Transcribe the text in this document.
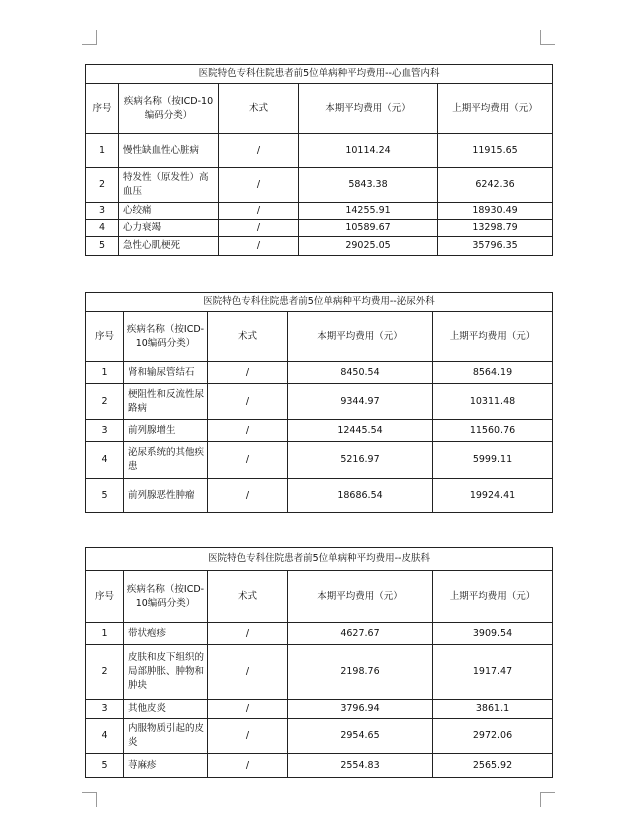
医院特色专科住院患者前5位单病种平均费用--心血管内科				
序号	疾病名称（按ICD-10编码分类）	术式	本期平均费用（元）	上期平均费用（元）
1	慢性缺血性心脏病	/	10114.24	11915.65
2	特发性（原发性）高血压	/	5843.38	6242.36
3	心绞痛	/	14255.91	18930.49
4	心力衰竭	/	10589.67	13298.79
5	急性心肌梗死	/	29025.05	35796.35
医院特色专科住院患者前5位单病种平均费用--泌尿外科				
序号	疾病名称（按ICD-10编码分类）	术式	本期平均费用（元）	上期平均费用（元）
1	肾和输尿管结石	/	8450.54	8564.19
2	梗阻性和反流性尿路病	/	9344.97	10311.48
3	前列腺增生	/	12445.54	11560.76
4	泌尿系统的其他疾患	/	5216.97	5999.11
5	前列腺恶性肿瘤	/	18686.54	19924.41
医院特色专科住院患者前5位单病种平均费用--皮肤科				
序号	疾病名称（按ICD-10编码分类）	术式	本期平均费用（元）	上期平均费用（元）
1	带状疱疹	/	4627.67	3909.54
2	皮肤和皮下组织的局部肿胀、肿物和肿块	/	2198.76	1917.47
3	其他皮炎	/	3796.94	3861.1
4	内服物质引起的皮炎	/	2954.65	2972.06
5	荨麻疹	/	2554.83	2565.92
